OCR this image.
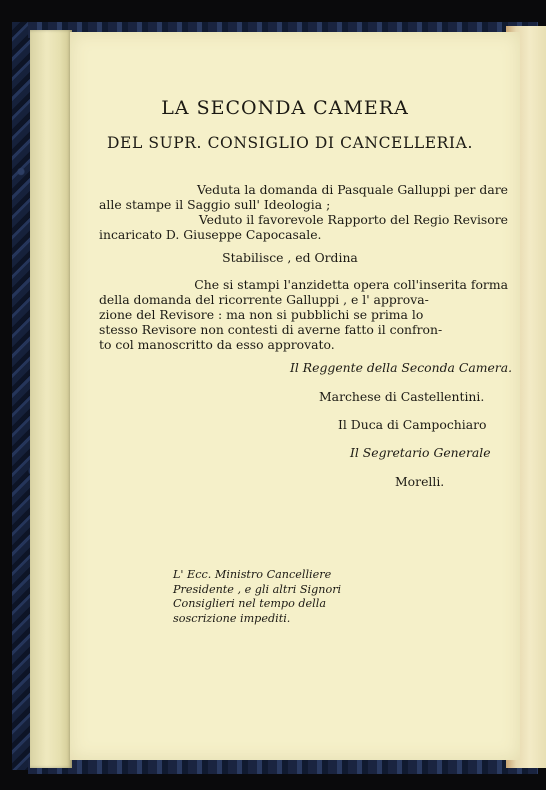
LA SECONDA CAMERA
DEL SUPR. CONSIGLIO DI CANCELLERIA.
Veduta la domanda di Pasquale Galluppi per dare
alle stampe il Saggio sull' Ideologia ;
Veduto il favorevole Rapporto del Regio Revisore
incaricato D. Giuseppe Capocasale.
Stabilisce , ed Ordina
Che si stampi l'anzidetta opera coll'inserita forma
della domanda del ricorrente Galluppi , e l' approva-
zione del Revisore : ma non si pubblichi se prima lo
stesso Revisore non contesti di averne fatto il confron-
to col manoscritto da esso approvato.
Il Reggente della Seconda Camera.
Marchese di Castellentini.
Il Duca di Campochiaro
Il Segretario Generale
Morelli.
L' Ecc. Ministro Cancelliere Presidente , e gli altri Signori Consiglieri nel tempo della soscrizione impediti.
